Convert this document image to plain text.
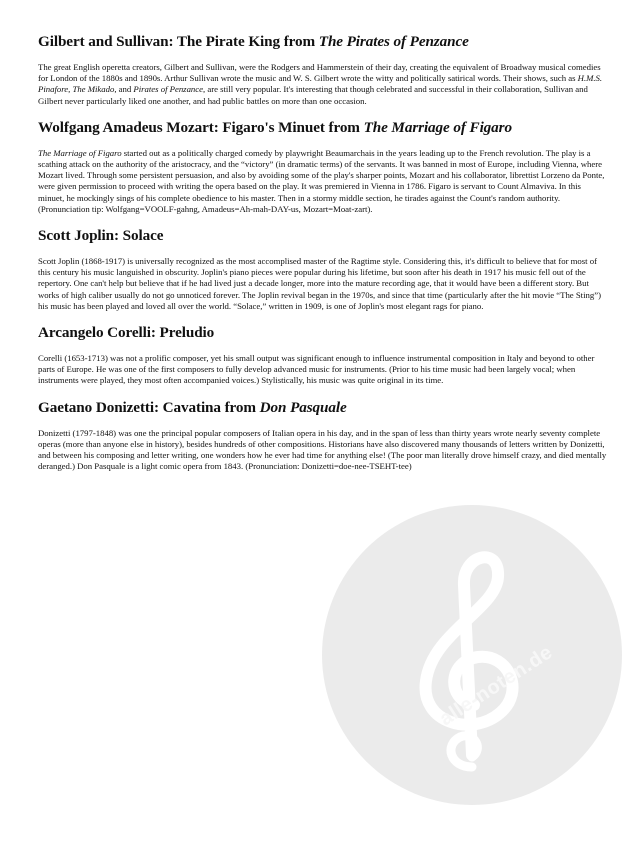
Gilbert and Sullivan: The Pirate King from The Pirates of Penzance

The great English operetta creators, Gilbert and Sullivan, were the Rodgers and Hammerstein of their day, creating the equivalent of Broadway musical comedies for London of the 1880s and 1890s. Arthur Sullivan wrote the music and W. S. Gilbert wrote the witty and politically satirical words. Their shows, such as H.M.S. Pinafore, The Mikado, and Pirates of Penzance, are still very popular. It's interesting that though celebrated and successful in their collaboration, Sullivan and Gilbert never particularly liked one another, and had public battles on more than one occasion.

Wolfgang Amadeus Mozart: Figaro's Minuet from The Marriage of Figaro

The Marriage of Figaro started out as a politically charged comedy by playwright Beaumarchais in the years leading up to the French revolution. The play is a scathing attack on the authority of the aristocracy, and the “victory” (in dramatic terms) of the servants. It was banned in most of Europe, including Vienna, where Mozart lived. Through some persistent persuasion, and also by avoiding some of the play's sharper points, Mozart and his collaborator, librettist Lorzeno da Ponte, were given permission to proceed with writing the opera based on the play. It was premiered in Vienna in 1786. Figaro is servant to Count Almaviva. In this minuet, he mockingly sings of his complete obedience to his master. Then in a stormy middle section, he tirades against the Count's random authority. (Pronunciation tip: Wolfgang=VOOLF-gahng, Amadeus=Ah-mah-DAY-us, Mozart=Moat-zart).

Scott Joplin: Solace

Scott Joplin (1868-1917) is universally recognized as the most accomplised master of the Ragtime style. Considering this, it's difficult to believe that for most of this century his music languished in obscurity. Joplin's piano pieces were popular during his lifetime, but soon after his death in 1917 his music fell out of the repertory. One can't help but believe that if he had lived just a decade longer, more into the mature recording age, that it would have been a different story. But works of high caliber usually do not go unnoticed forever. The Joplin revival began in the 1970s, and since that time (particularly after the hit movie “The Sting”) his music has been played and loved all over the world. “Solace,” written in 1909, is one of Joplin's most elegant rags for piano.

Arcangelo Corelli: Preludio

Corelli (1653-1713) was not a prolific composer, yet his small output was significant enough to influence instrumental composition in Italy and beyond to other parts of Europe. He was one of the first composers to fully develop advanced music for instruments. (Prior to his time music had been largely vocal; when instruments were played, they most often accompanied voices.) Stylistically, his music was quite original in its time.

Gaetano Donizetti: Cavatina from Don Pasquale

Donizetti (1797-1848) was one the principal popular composers of Italian opera in his day, and in the span of less than thirty years wrote nearly seventy complete operas (more than anyone else in history), besides hundreds of other compositions. Historians have also discovered many thousands of letters written by Donizetti, and between his composing and letter writing, one wonders how he ever had time for anything else! (The poor man literally drove himself crazy, and died mentally deranged.) Don Pasquale is a light comic opera from 1843. (Pronunciation: Donizetti=doe-nee-TSEHT-tee)

alle-noten.de
